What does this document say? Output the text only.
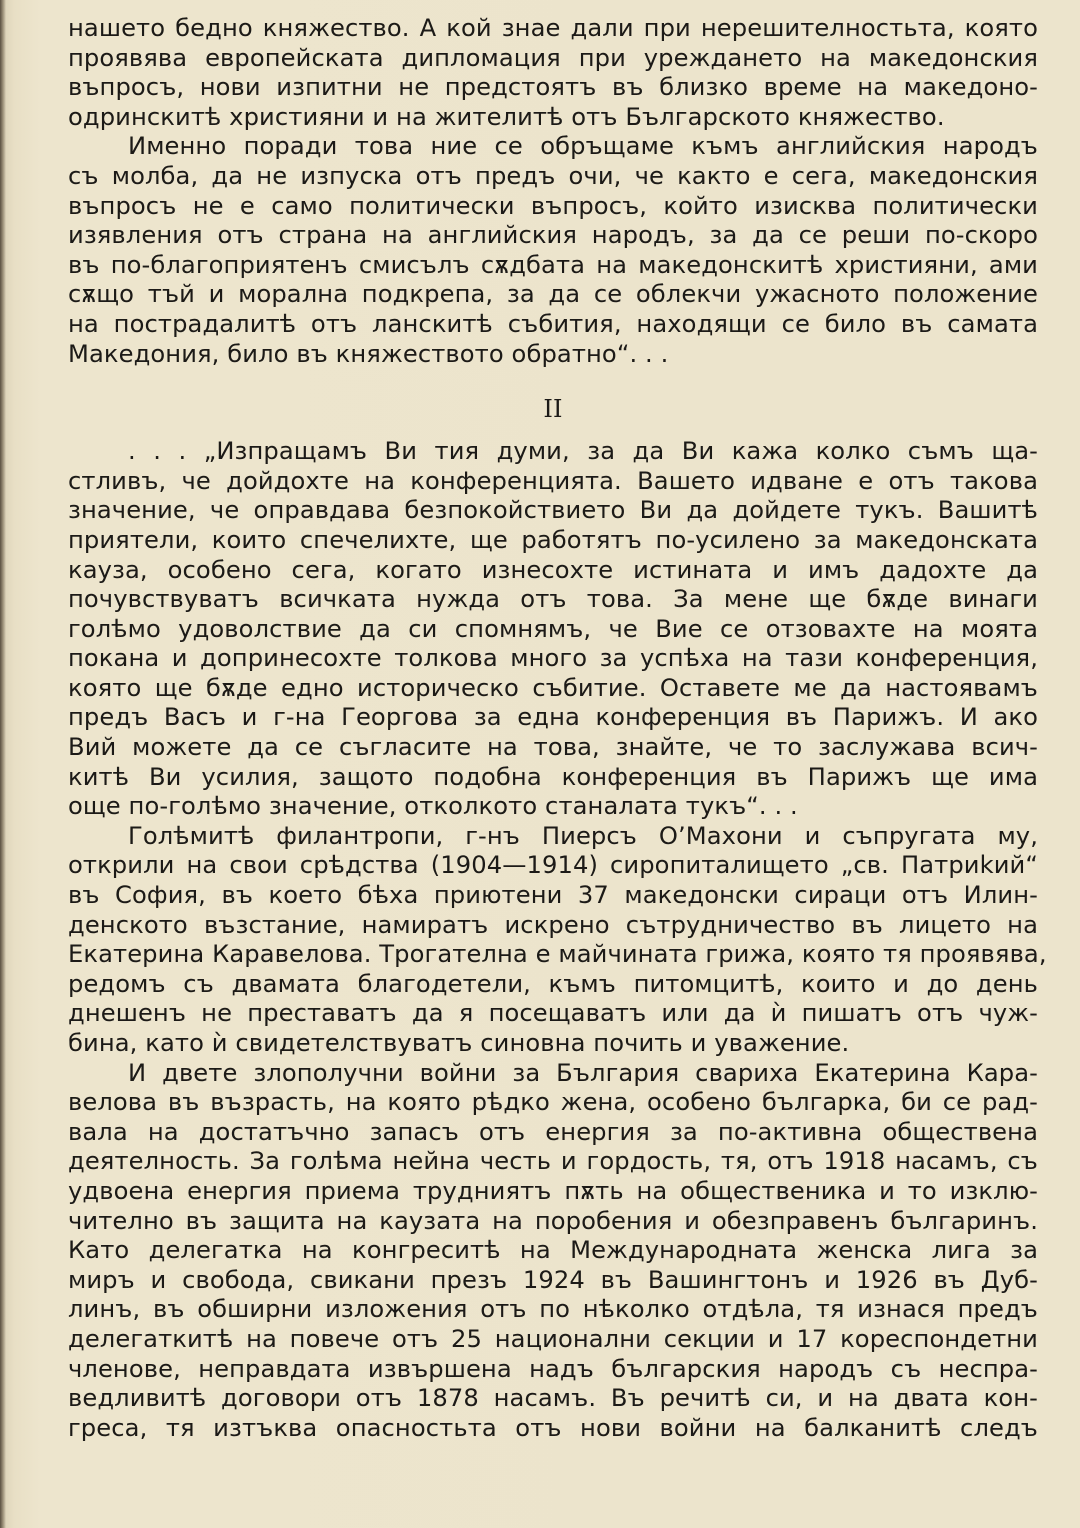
нашето бедно княжество. А кой знае дали при нерешителностьта, която
проявява европейската дипломация при уреждането на македонския
въпросъ, нови изпитни не предстоятъ въ близко време на македоно-
одринскитѣ християни и на жителитѣ отъ Българското княжество.
Именно поради това ние се обръщаме къмъ английския народъ
съ молба, да не изпуска отъ предъ очи, че както е сега, македонския
въпросъ не е само политически въпросъ, който изисква политически
изявления отъ страна на английския народъ, за да се реши по-скоро
въ по-благоприятенъ смисълъ сѫдбата на македонскитѣ християни, ами
сѫщо тъй и морална подкрепа, за да се облекчи ужасното положение
на пострадалитѣ отъ ланскитѣ събития, находящи се било въ самата
Македония, било въ княжеството обратно“. . .
II
. . . „Изпращамъ Ви тия думи, за да Ви кажа колко съмъ ща-
стливъ, че дойдохте на конференцията. Вашето идване е отъ такова
значение, че оправдава безпокойствието Ви да дойдете тукъ. Вашитѣ
приятели, които спечелихте, ще работятъ по-усилено за македонската
кауза, особено сега, когато изнесохте истината и имъ дадохте да
почувствуватъ всичката нужда отъ това. За мене ще бѫде винаги
голѣмо удоволствие да си спомнямъ, че Вие се отзовахте на моята
покана и допринесохте толкова много за успѣха на тази конференция,
която ще бѫде едно историческо събитие. Оставете ме да настоявамъ
предъ Васъ и г-на Георгова за една конференция въ Парижъ. И ако
Вий можете да се съгласите на това, знайте, че то заслужава всич-
китѣ Ви усилия, защото подобна конференция въ Парижъ ще има
още по-голѣмо значение, отколкото станалата тукъ“. . .
Голѣмитѣ филантропи, г-нъ Пиерсъ О’Махони и съпругата му,
открили на свои срѣдства (1904—1914) сиропиталището „св. Патриkий“
въ София, въ което бѣха приютени 37 македонски сираци отъ Илин-
денското възстание, намиратъ искрено сътрудничество въ лицето на
Екатерина Каравелова. Трогателна е майчината грижа, която тя проявява,
редомъ съ двамата благодетели, къмъ питомцитѣ, които и до день
днешенъ не преставатъ да я посещаватъ или да ѝ пишатъ отъ чуж-
бина, като ѝ свидетелствуватъ синовна почить и уважение.
И двете злополучни войни за България свариха Екатерина Кара-
велова въ възрасть, на която рѣдко жена, особено българка, би се рад-
вала на достатъчно запасъ отъ енергия за по-активна обществена
деятелность. За голѣма нейна честь и гордость, тя, отъ 1918 насамъ, съ
удвоена енергия приема трудниятъ пѫть на общественика и то изклю-
чително въ защита на каузата на поробения и обезправенъ българинъ.
Като делегатка на конгреситѣ на Международната женска лига за
миръ и свобода, свикани презъ 1924 въ Вашингтонъ и 1926 въ Дуб-
линъ, въ обширни изложения отъ по нѣколко отдѣла, тя изнася предъ
делегаткитѣ на повече отъ 25 национални секции и 17 кореспондетни
членове, неправдата извършена надъ българския народъ съ неспра-
ведливитѣ договори отъ 1878 насамъ. Въ речитѣ си, и на двата кон-
греса, тя изтъква опасностьта отъ нови войни на балканитѣ следъ
